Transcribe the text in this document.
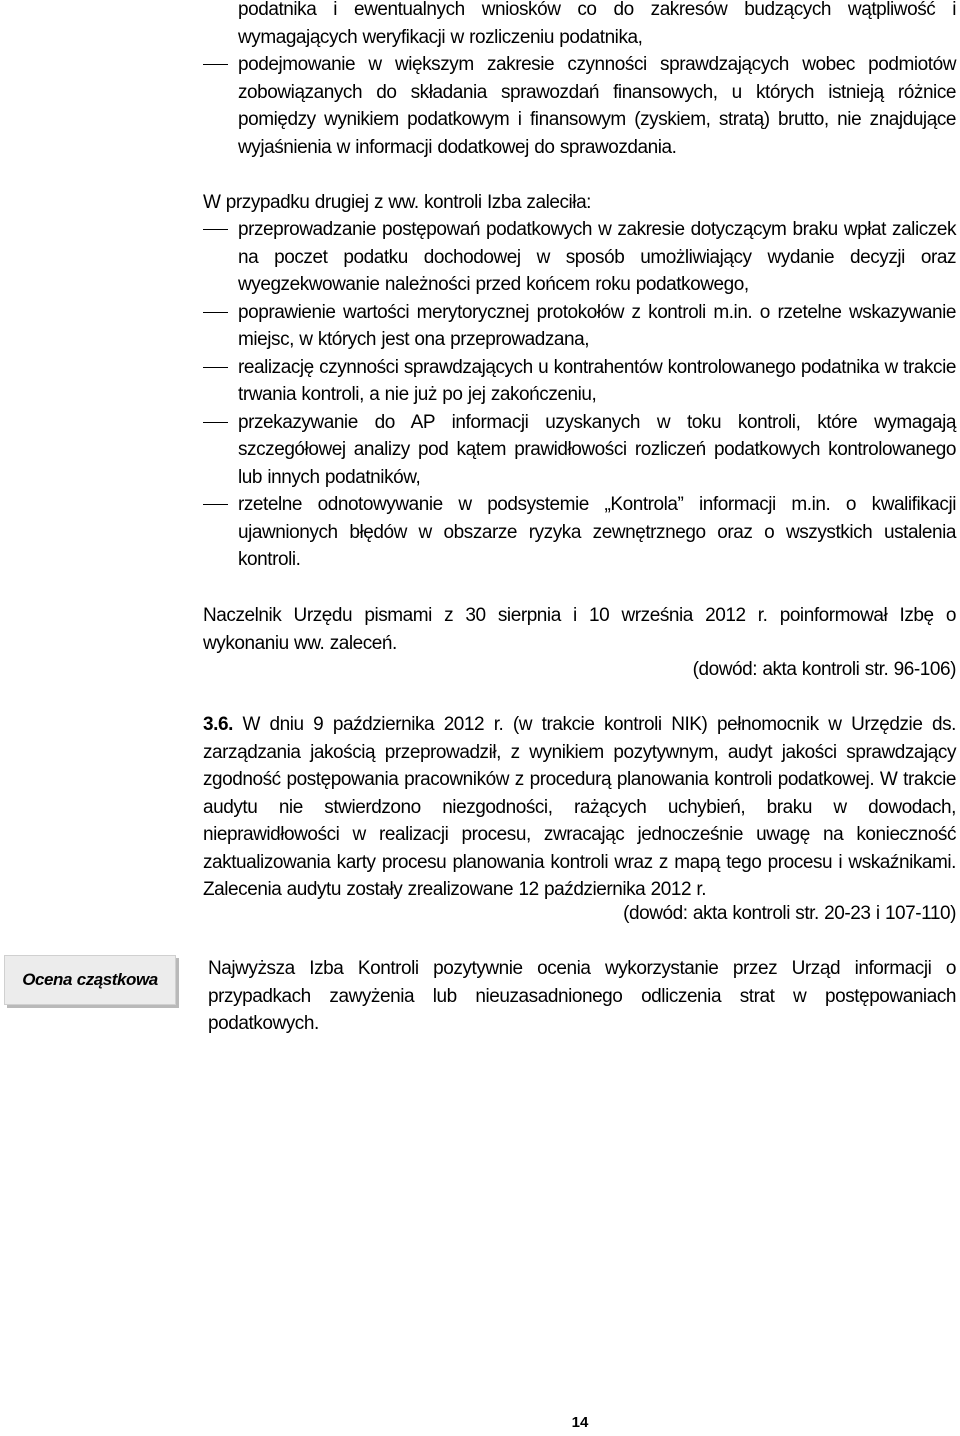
podatnika i ewentualnych wniosków co do zakresów budzących wątpliwość i wymagających weryfikacji w rozliczeniu podatnika,
podejmowanie w większym zakresie czynności sprawdzających wobec podmiotów zobowiązanych do składania sprawozdań finansowych, u których istnieją różnice pomiędzy wynikiem podatkowym i finansowym (zyskiem, stratą) brutto, nie znajdujące wyjaśnienia w informacji dodatkowej do sprawozdania.
W przypadku drugiej z ww. kontroli Izba zaleciła:
przeprowadzanie postępowań podatkowych w zakresie dotyczącym braku wpłat zaliczek na poczet podatku dochodowej w sposób umożliwiający wydanie decyzji oraz wyegzekwowanie należności przed końcem roku podatkowego,
poprawienie wartości merytorycznej protokołów z kontroli m.in. o rzetelne wskazywanie miejsc, w których jest ona przeprowadzana,
realizację czynności sprawdzających u kontrahentów kontrolowanego podatnika w trakcie trwania kontroli, a nie już po jej zakończeniu,
przekazywanie do AP informacji uzyskanych w toku kontroli, które wymagają szczegółowej analizy pod kątem prawidłowości rozliczeń podatkowych kontrolowanego lub innych podatników,
rzetelne odnotowywanie w podsystemie „Kontrola” informacji m.in. o kwalifikacji ujawnionych błędów w obszarze ryzyka zewnętrznego oraz o wszystkich ustalenia kontroli.
Naczelnik Urzędu pismami z 30 sierpnia i 10 września 2012 r. poinformował Izbę o wykonaniu ww. zaleceń.
(dowód: akta kontroli str. 96-106)
3.6. W dniu 9 października 2012 r. (w trakcie kontroli NIK) pełnomocnik w Urzędzie ds. zarządzania jakością przeprowadził, z wynikiem pozytywnym, audyt jakości sprawdzający zgodność postępowania pracowników z procedurą planowania kontroli podatkowej. W trakcie audytu nie stwierdzono niezgodności, rażących uchybień, braku w dowodach, nieprawidłowości w realizacji procesu, zwracając jednocześnie uwagę na konieczność zaktualizowania karty procesu planowania kontroli wraz z mapą tego procesu i wskaźnikami. Zalecenia audytu zostały zrealizowane 12 października 2012 r.
(dowód: akta kontroli str. 20-23 i 107-110)
Ocena cząstkowa
Najwyższa Izba Kontroli pozytywnie ocenia wykorzystanie przez Urząd informacji o przypadkach zawyżenia lub nieuzasadnionego odliczenia strat w postępowaniach podatkowych.
14
